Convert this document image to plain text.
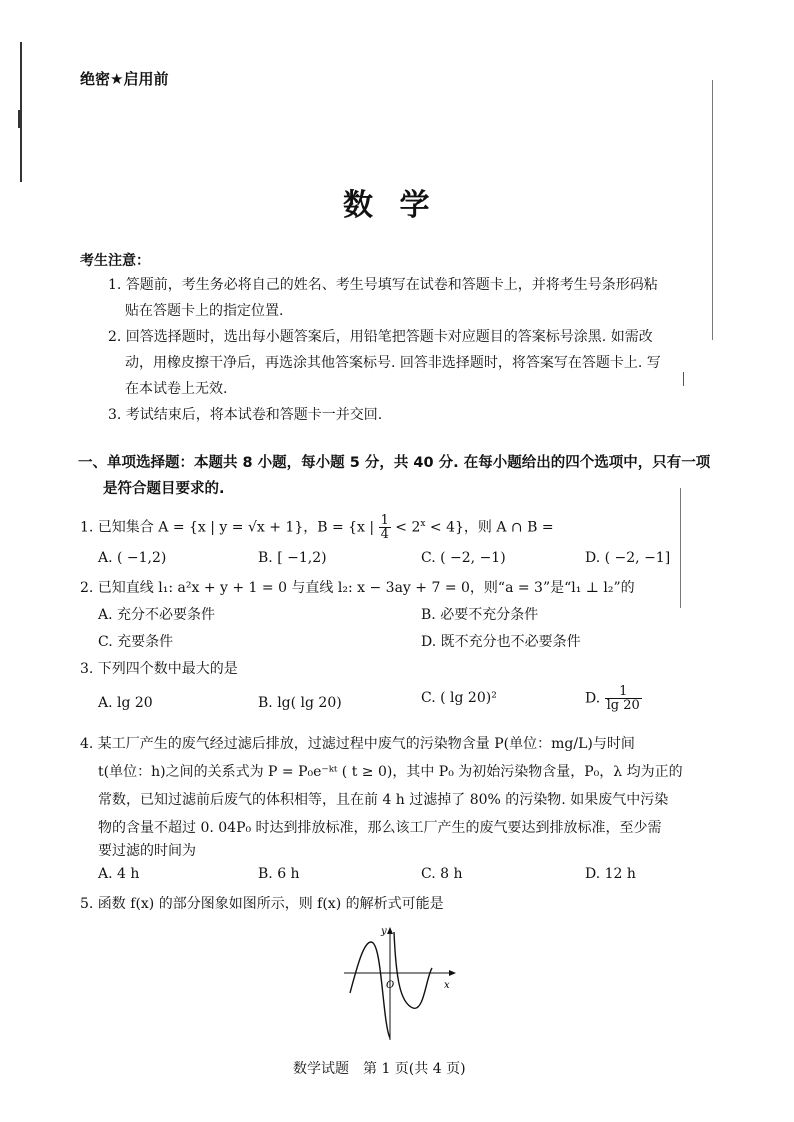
绝密★启用前
数 学
考生注意：
1. 答题前，考生务必将自己的姓名、考生号填写在试卷和答题卡上，并将考生号条形码粘
贴在答题卡上的指定位置.
2. 回答选择题时，选出每小题答案后，用铅笔把答题卡对应题目的答案标号涂黑. 如需改
动，用橡皮擦干净后，再选涂其他答案标号. 回答非选择题时，将答案写在答题卡上. 写
在本试卷上无效.
3. 考试结束后，将本试卷和答题卡一并交回.
一、单项选择题：本题共 8 小题，每小题 5 分，共 40 分. 在每小题给出的四个选项中，只有一项
是符合题目要求的.
1. 已知集合 A = {x | y = √x + 1}，B = {x | $\frac{1}{4} < 2^x < 4$}，则 A ∩ B =
A. ( −1,2)	B. [ −1,2)	C. ( −2, −1)	D. ( −2, −1]
2. 已知直线 l₁: a²x + y + 1 = 0 与直线 l₂: x − 3ay + 7 = 0，则“a = 3”是“l₁ ⊥ l₂”的
A. 充分不必要条件	B. 必要不充分条件
C. 充要条件	D. 既不充分也不必要条件
3. 下列四个数中最大的是
A. lg 20	B. lg( lg 20)	C. ( lg 20)²	D. $\frac{1}{\lg 20}$
4. 某工厂产生的废气经过滤后排放，过滤过程中废气的污染物含量 P(单位：mg/L)与时间
t(单位：h)之间的关系式为 P = P₀e⁻ᵏᵗ ( t ≥ 0)，其中 P₀ 为初始污染物含量，P₀，λ 均为正的
常数，已知过滤前后废气的体积相等，且在前 4 h 过滤掉了 80% 的污染物. 如果废气中污染
物的含量不超过 0. 04P₀ 时达到排放标准，那么该工厂产生的废气要达到排放标准，至少需
要过滤的时间为
A. 4 h	B. 6 h	C. 8 h	D. 12 h
5. 函数 f(x) 的部分图象如图所示，则 f(x) 的解析式可能是
y
x
O
数学试题　第 1 页(共 4 页)
